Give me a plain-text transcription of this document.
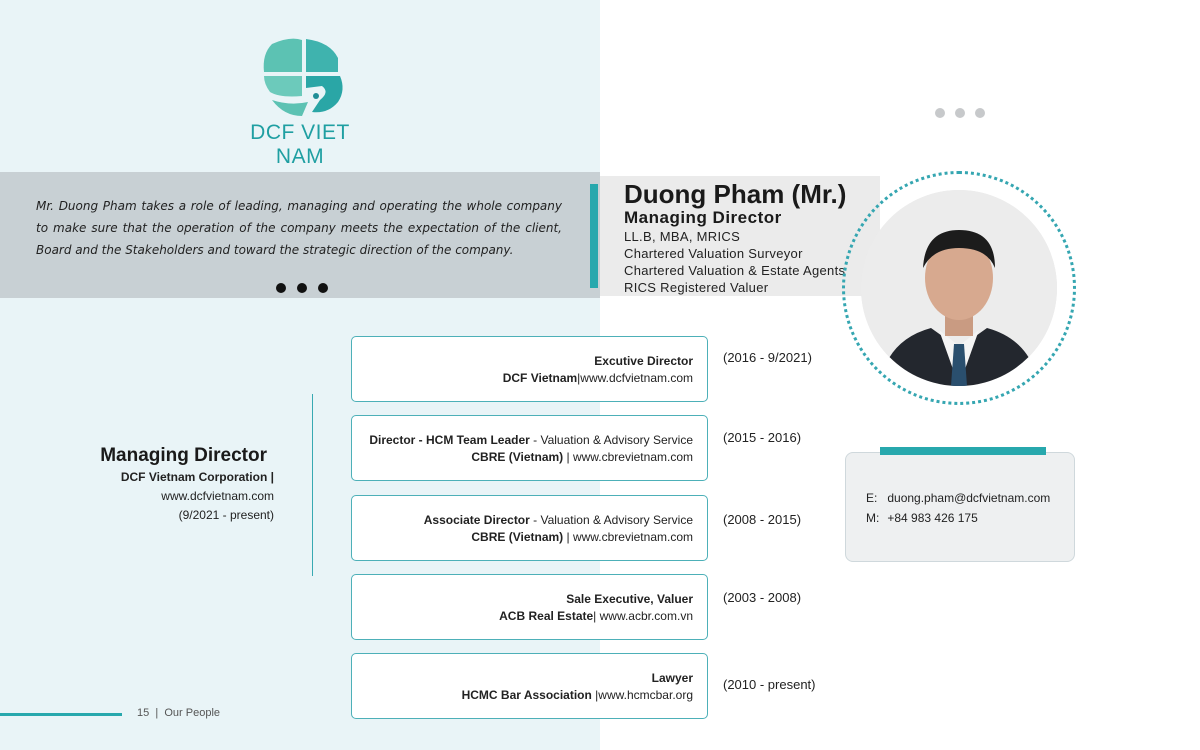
DCF VIET NAM

Mr. Duong Pham takes a role of leading, managing and operating the whole company to make sure that the operation of the company meets the expectation of the client, Board and the Stakeholders and toward the strategic direction of the company.

Duong Pham (Mr.)
Managing Director
LL.B, MBA, MRICS
Chartered Valuation Surveyor
Chartered Valuation & Estate Agents
RICS Registered Valuer
E: duong.pham@dcfvietnam.com
M: +84 983 426 175
Managing Director
DCF Vietnam Corporation |
www.dcfvietnam.com
(9/2021 - present)
Excutive Director
DCF Vietnam|www.dcfvietnam.com
(2016 - 9/2021)
Director - HCM Team Leader - Valuation & Advisory Service
CBRE (Vietnam) | www.cbrevietnam.com
(2015 - 2016)
Associate Director - Valuation & Advisory Service
CBRE (Vietnam) | www.cbrevietnam.com
(2008 - 2015)
Sale Executive, Valuer
ACB Real Estate| www.acbr.com.vn
(2003 - 2008)
Lawyer
HCMC Bar Association |www.hcmcbar.org
(2010 - present)
15 | Our People
